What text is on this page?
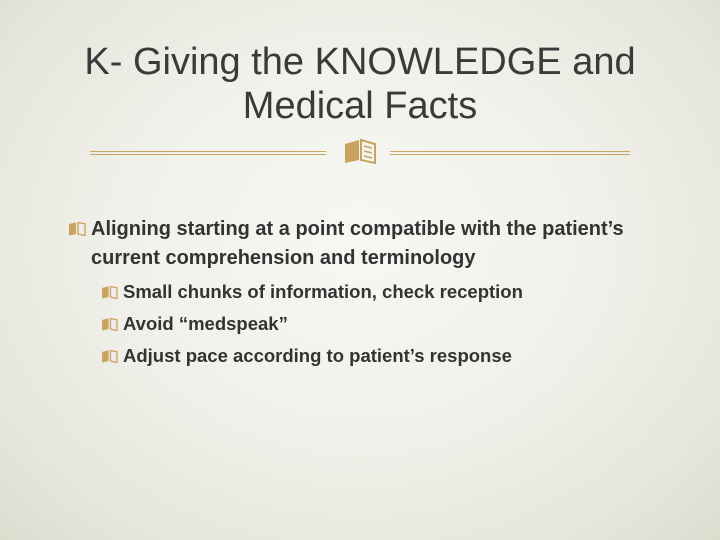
K- Giving the KNOWLEDGE and
Medical Facts
Aligning starting at a point compatible with the patient’s current comprehension and terminology
Small chunks of information, check reception
Avoid “medspeak”
Adjust pace according to patient’s response
